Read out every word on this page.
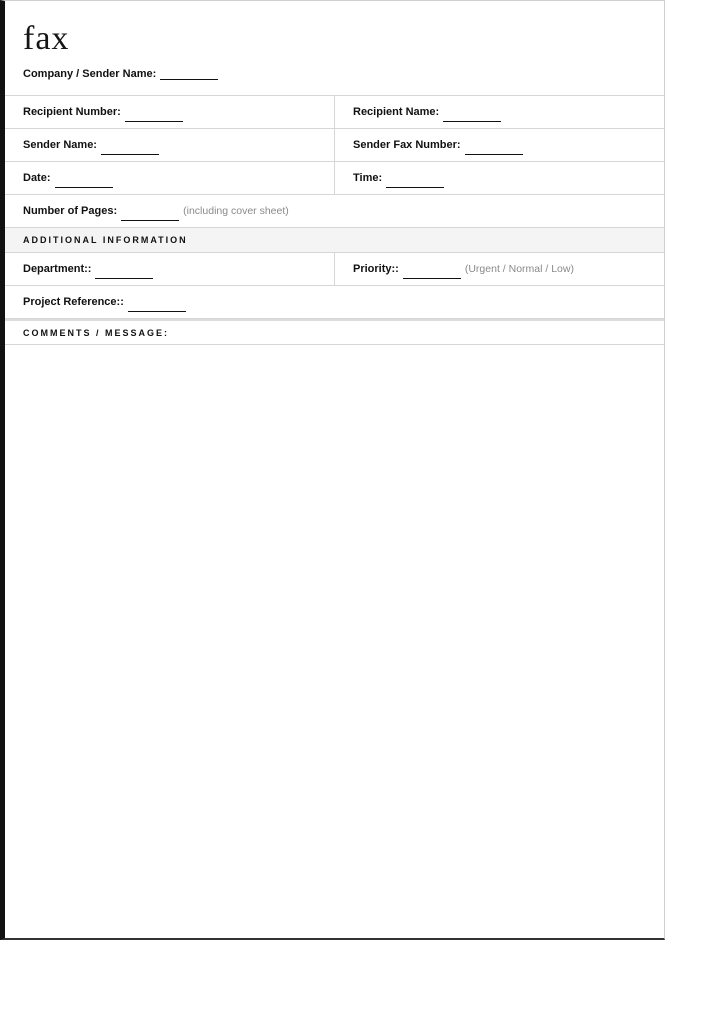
fax
Company / Sender Name:
Recipient Number:	Recipient Name:
Sender Name:	Sender Fax Number:
Date:	Time:
Number of Pages:	(including cover sheet)
ADDITIONAL INFORMATION
Department::	Priority::	(Urgent / Normal / Low)
Project Reference::
COMMENTS / MESSAGE:
